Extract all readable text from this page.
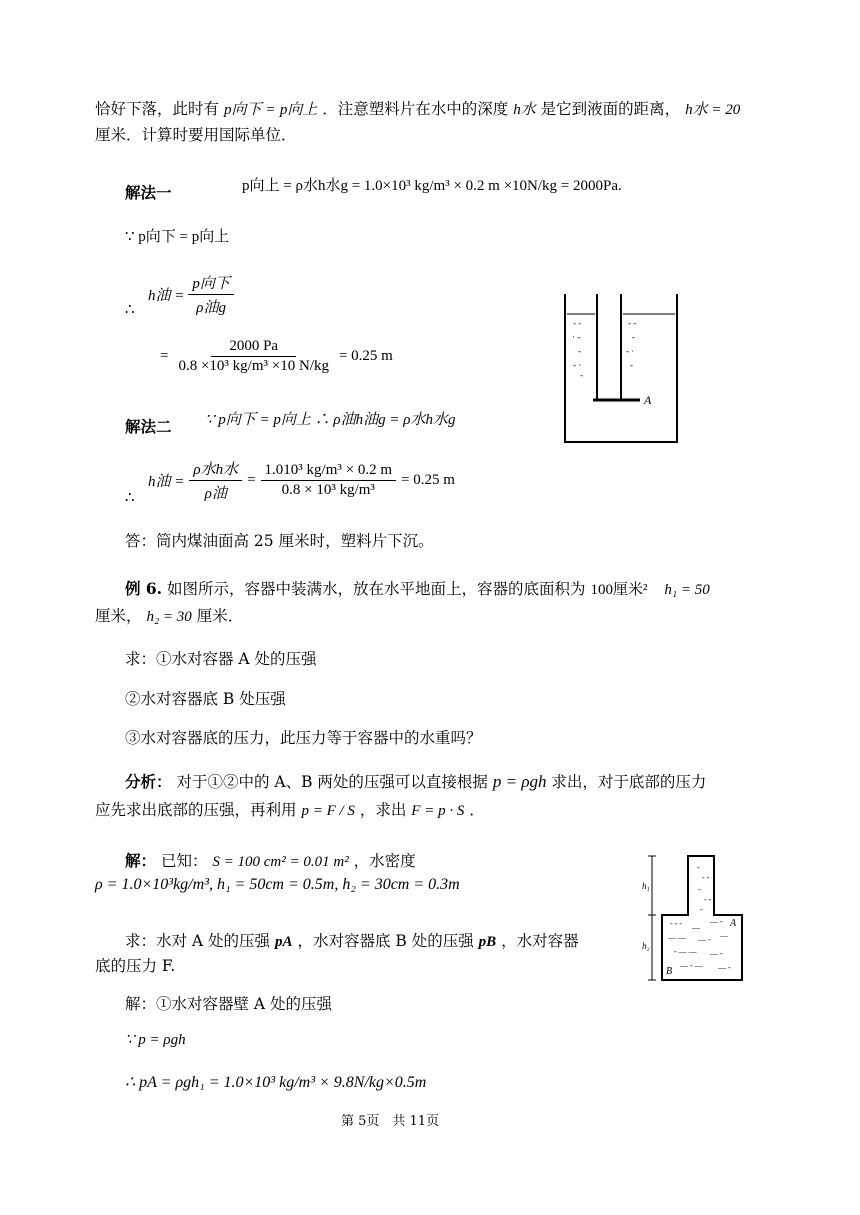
恰好下落，此时有 p向下 = p向上 ．注意塑料片在水中的深度 h水 是它到液面的距离， h水 = 20
厘米．计算时要用国际单位．
解法一	p向上 = ρ水h水g = 1.0×10³ kg/m³ × 0.2 m ×10N/kg = 2000Pa.
∵ p向下 = p向上
∴
h油 = $\frac{\text{p向下}}{\text{ρ油g}}$
= $\frac{2000 Pa}{\text{0.8 ×10³ kg/m³ ×10 N/kg}} = 0.25$ m
解法二 ∵ p向下 = p向上 ∴ ρ油h油g = ρ水h水g
∴
h油 = $\frac{\text{ρ水h水}}{\text{ρ油}} = \frac{\text{1.010³ kg/m³ × 0.2 m}}{\text{0.8 × 10³ kg/m³}} = 0.25$ m
答：筒内煤油面高 25 厘米时，塑料片下沉。
例 6. 如图所示，容器中装满水，放在水平地面上，容器的底面积为 100厘米² h₁ = 50
厘米， h₂ = 30 厘米．
求：①水对容器 A 处的压强
②水对容器底 B 处压强
③水对容器底的压力，此压力等于容器中的水重吗？
分析： 对于①②中的 A、B 两处的压强可以直接根据 p = ρgh 求出，对于底部的压力
应先求出底部的压强，再利用 p = F / S ，求出 F = p · S ．
解： 已知： S = 100 cm² = 0.01 m² ，水密度
ρ = 1.0×10³kg/m³, h₁ = 50cm = 0.5m, h₂ = 30cm = 0.3m
求：水对 A 处的压强 pA ，水对容器底 B 处的压强 pB ，水对容器
底的压力 F.
解：①水对容器壁 A 处的压强
∵ p = ρgh
∴ pA = ρgh₁ = 1.0×10³ kg/m³ × 9.8N/kg×0.5m
- -
· -
-
- ·
-
- -
-
- ·
-
A
h₁
h₂
-
- -
-
- -
-
- - - —
— -
— — — - —
- — — — -
— - — — -
A
B
第 5页　共 11页
